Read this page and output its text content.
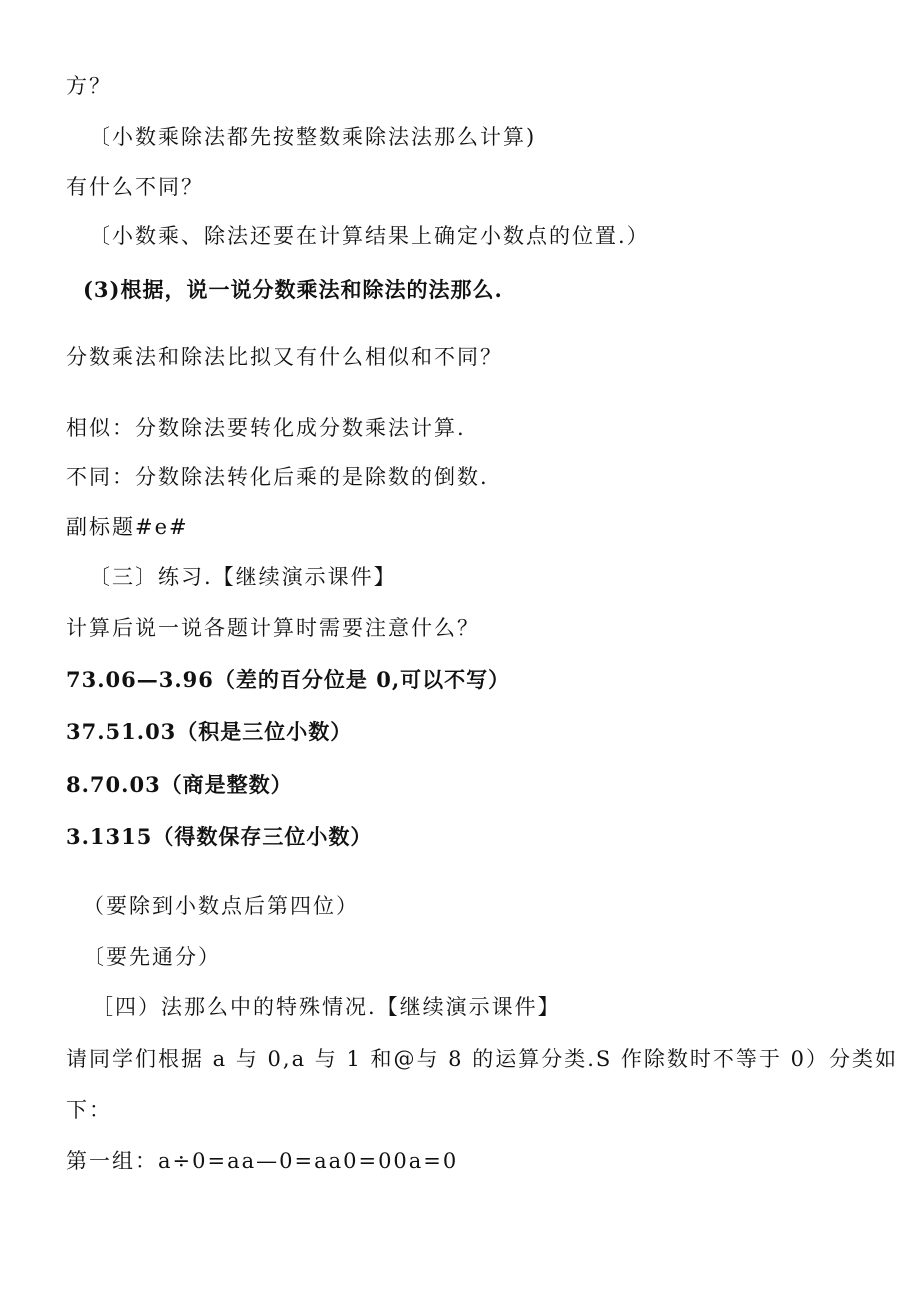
方？
〔小数乘除法都先按整数乘除法法那么计算)
有什么不同？
〔小数乘、除法还要在计算结果上确定小数点的位置.）
(3)根据，说一说分数乘法和除法的法那么.
分数乘法和除法比拟又有什么相似和不同？
相似：分数除法要转化成分数乘法计算.
不同：分数除法转化后乘的是除数的倒数.
副标题#e#
〔三〕练习.【继续演示课件】
计算后说一说各题计算时需要注意什么？
73.06—3.96（差的百分位是 0,可以不写）
37.51.03（积是三位小数）
8.70.03（商是整数）
3.1315（得数保存三位小数）
（要除到小数点后第四位）
〔要先通分）
［四）法那么中的特殊情况.【继续演示课件】
请同学们根据 a 与 0,a 与 1 和@与 8 的运算分类.S 作除数时不等于 0）分类如
下：
第一组：a÷0=aa—0=aa0=00a=0
